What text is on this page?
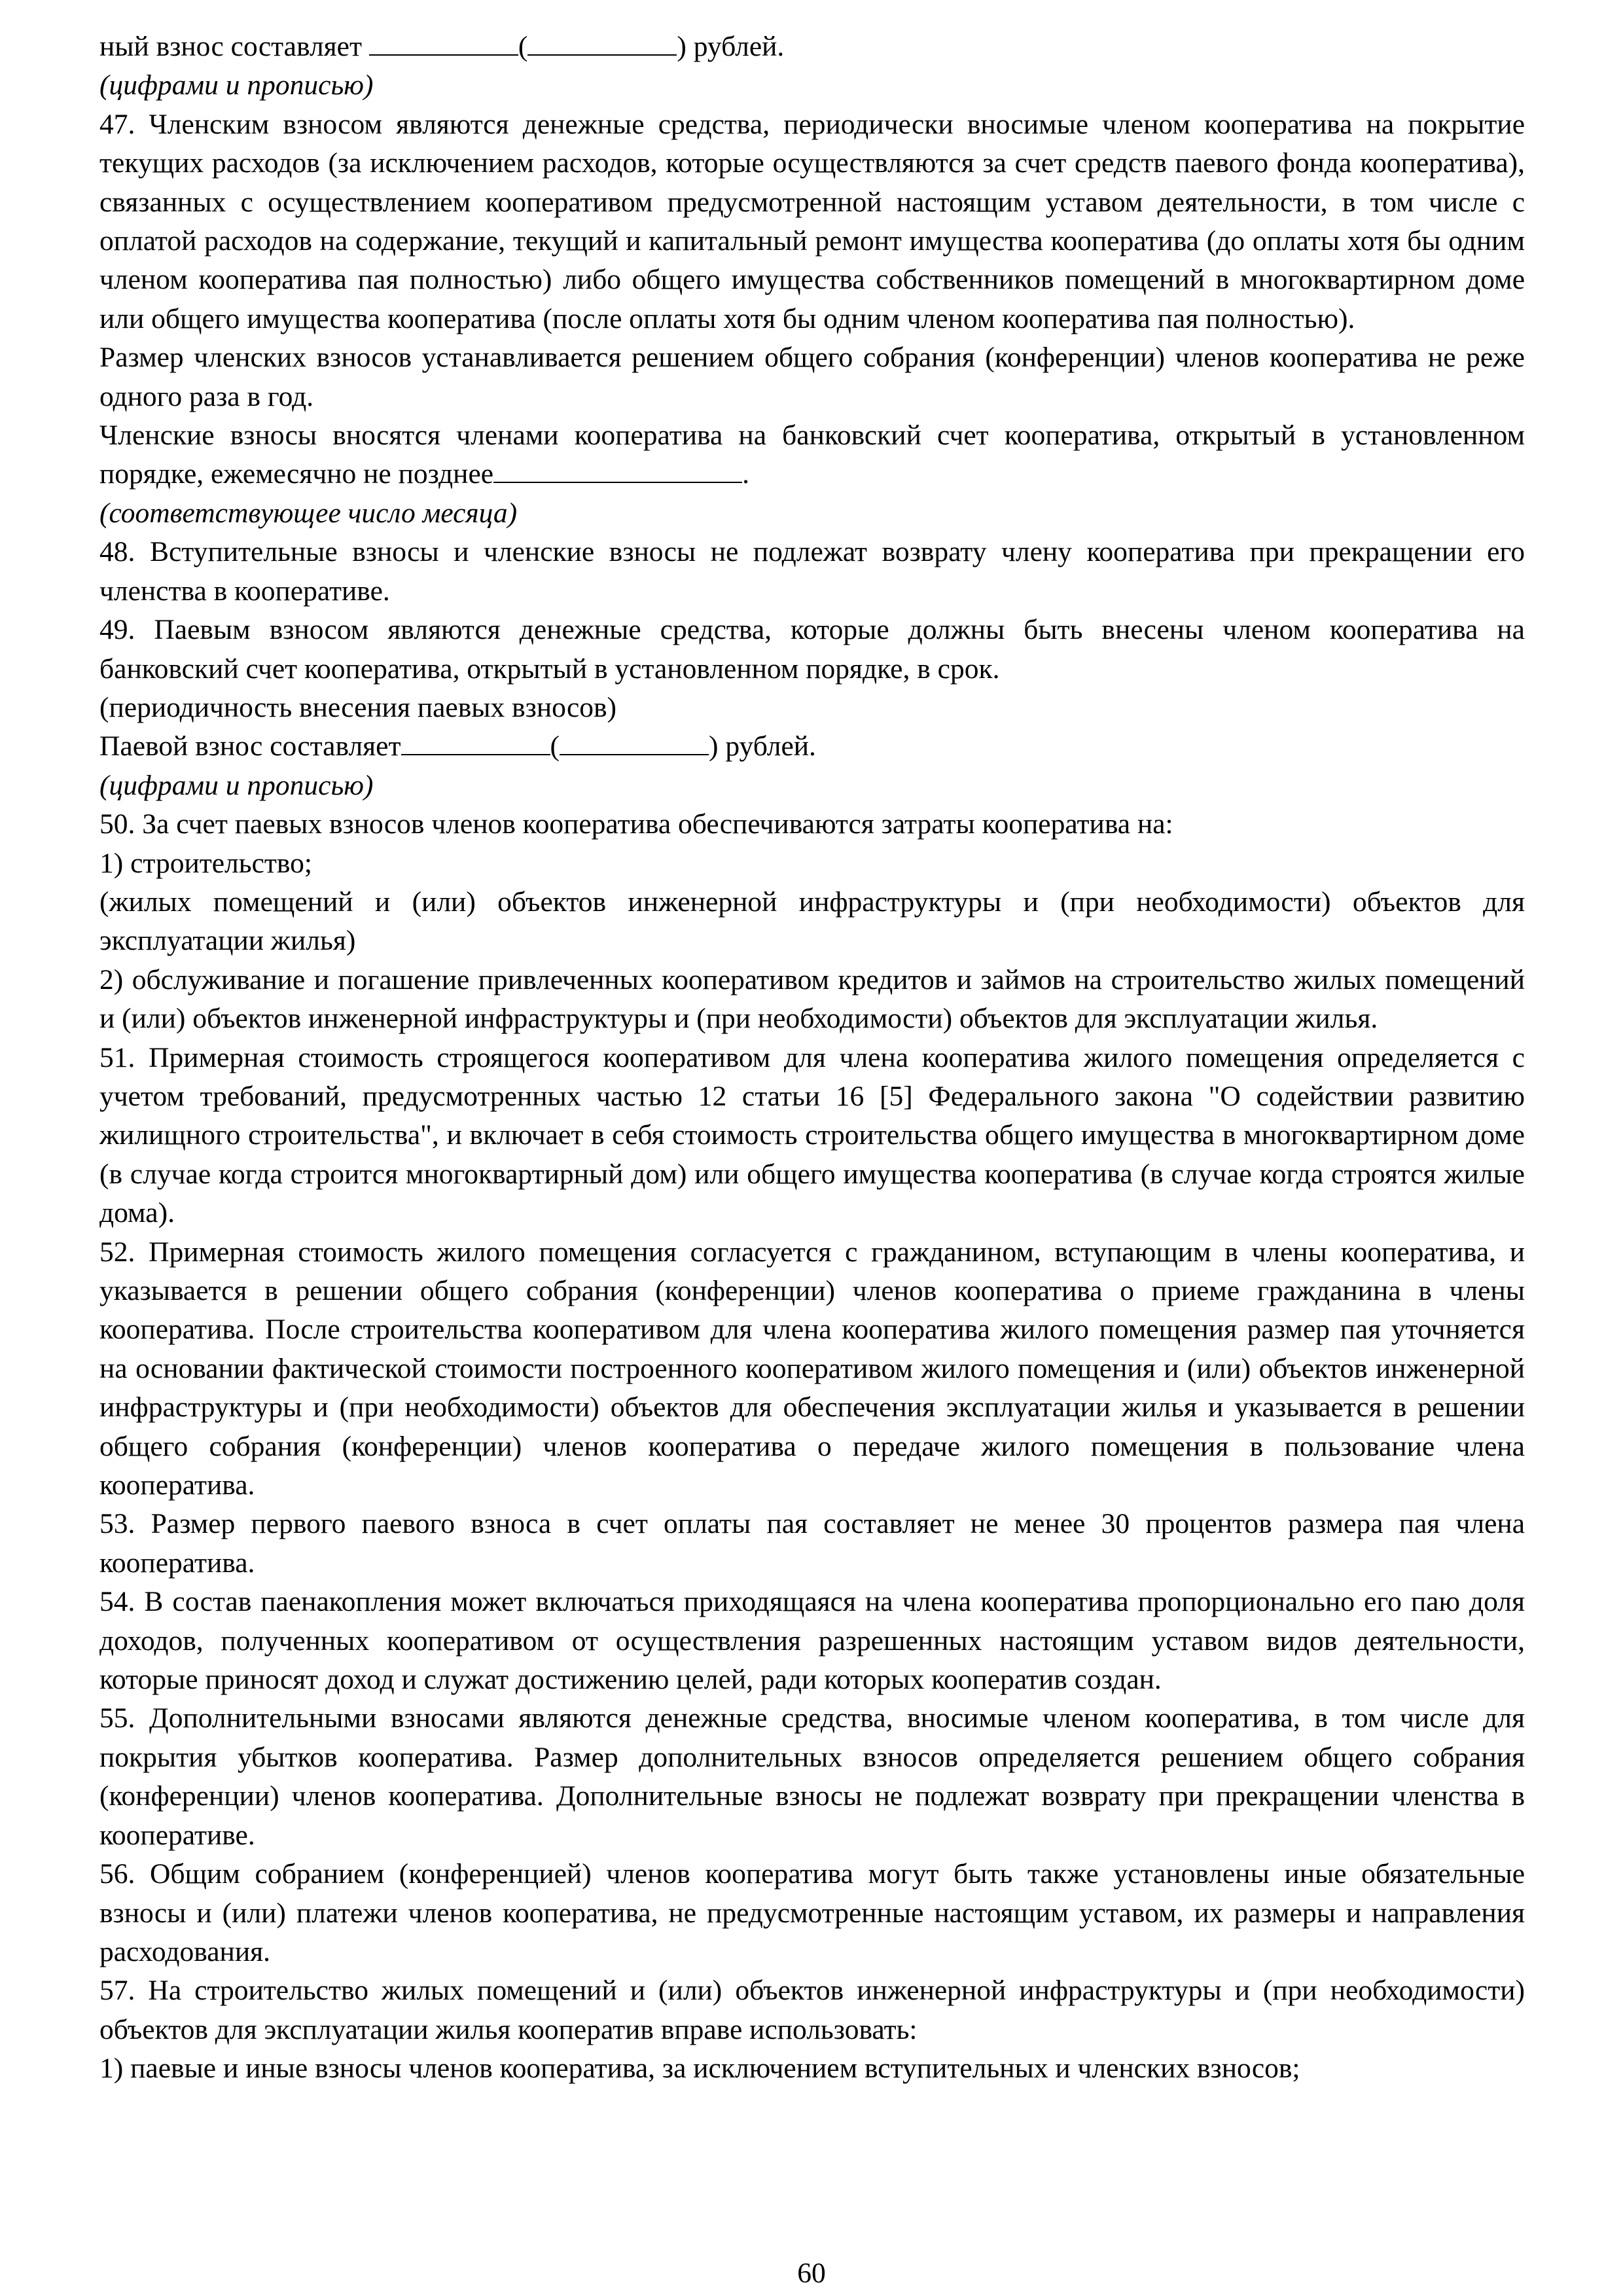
ный взнос составляет	(	) рублей.
(цифрами и прописью)
47. Членским взносом являются денежные средства, периодически вносимые членом кооператива на покрытие текущих расходов (за исключением расходов, которые осуществляются за счет средств паевого фонда кооператива), связанных с осуществлением кооперативом предусмотренной настоящим уставом деятельности, в том числе с оплатой расходов на содержание, текущий и капитальный ремонт имущества кооператива (до оплаты хотя бы одним членом кооператива пая полностью) либо общего имущества собственников помещений в многоквартирном доме или общего имущества кооператива (после оплаты хотя бы одним членом кооператива пая полностью).
Размер членских взносов устанавливается решением общего собрания (конференции) членов кооператива не реже одного раза в год.
Членские взносы вносятся членами кооператива на банковский счет кооператива, открытый в установленном порядке, ежемесячно не позднее	.
(соответствующее число месяца)
48. Вступительные взносы и членские взносы не подлежат возврату члену кооператива при прекращении его членства в кооперативе.
49. Паевым взносом являются денежные средства, которые должны быть внесены членом кооператива на банковский счет кооператива, открытый в установленном порядке, в срок.
(периодичность внесения паевых взносов)
Паевой взнос составляет	(	) рублей.
(цифрами и прописью)
50. За счет паевых взносов членов кооператива обеспечиваются затраты кооператива на:
1) строительство;
(жилых помещений и (или) объектов инженерной инфраструктуры и (при необходимости) объектов для эксплуатации жилья)
2) обслуживание и погашение привлеченных кооперативом кредитов и займов на строительство жилых помещений и (или) объектов инженерной инфраструктуры и (при необходимости) объектов для эксплуатации жилья.
51. Примерная стоимость строящегося кооперативом для члена кооператива жилого помещения определяется с учетом требований, предусмотренных частью 12 статьи 16 [5] Федерального закона "О содействии развитию жилищного строительства", и включает в себя стоимость строительства общего имущества в многоквартирном доме (в случае когда строится многоквартирный дом) или общего имущества кооператива (в случае когда строятся жилые дома).
52. Примерная стоимость жилого помещения согласуется с гражданином, вступающим в члены кооператива, и указывается в решении общего собрания (конференции) членов кооператива о приеме гражданина в члены кооператива. После строительства кооперативом для члена кооператива жилого помещения размер пая уточняется на основании фактической стоимости построенного кооперативом жилого помещения и (или) объектов инженерной инфраструктуры и (при необходимости) объектов для обеспечения эксплуатации жилья и указывается в решении общего собрания (конференции) членов кооператива о передаче жилого помещения в пользование члена кооператива.
53. Размер первого паевого взноса в счет оплаты пая составляет не менее 30 процентов размера пая члена кооператива.
54. В состав паенакопления может включаться приходящаяся на члена кооператива пропорционально его паю доля доходов, полученных кооперативом от осуществления разрешенных настоящим уставом видов деятельности, которые приносят доход и служат достижению целей, ради которых кооператив создан.
55. Дополнительными взносами являются денежные средства, вносимые членом кооператива, в том числе для покрытия убытков кооператива. Размер дополнительных взносов определяется решением общего собрания (конференции) членов кооператива. Дополнительные взносы не подлежат возврату при прекращении членства в кооперативе.
56. Общим собранием (конференцией) членов кооператива могут быть также установлены иные обязательные взносы и (или) платежи членов кооператива, не предусмотренные настоящим уставом, их размеры и направления расходования.
57. На строительство жилых помещений и (или) объектов инженерной инфраструктуры и (при необходимости) объектов для эксплуатации жилья кооператив вправе использовать:
1) паевые и иные взносы членов кооператива, за исключением вступительных и членских взносов;
60
